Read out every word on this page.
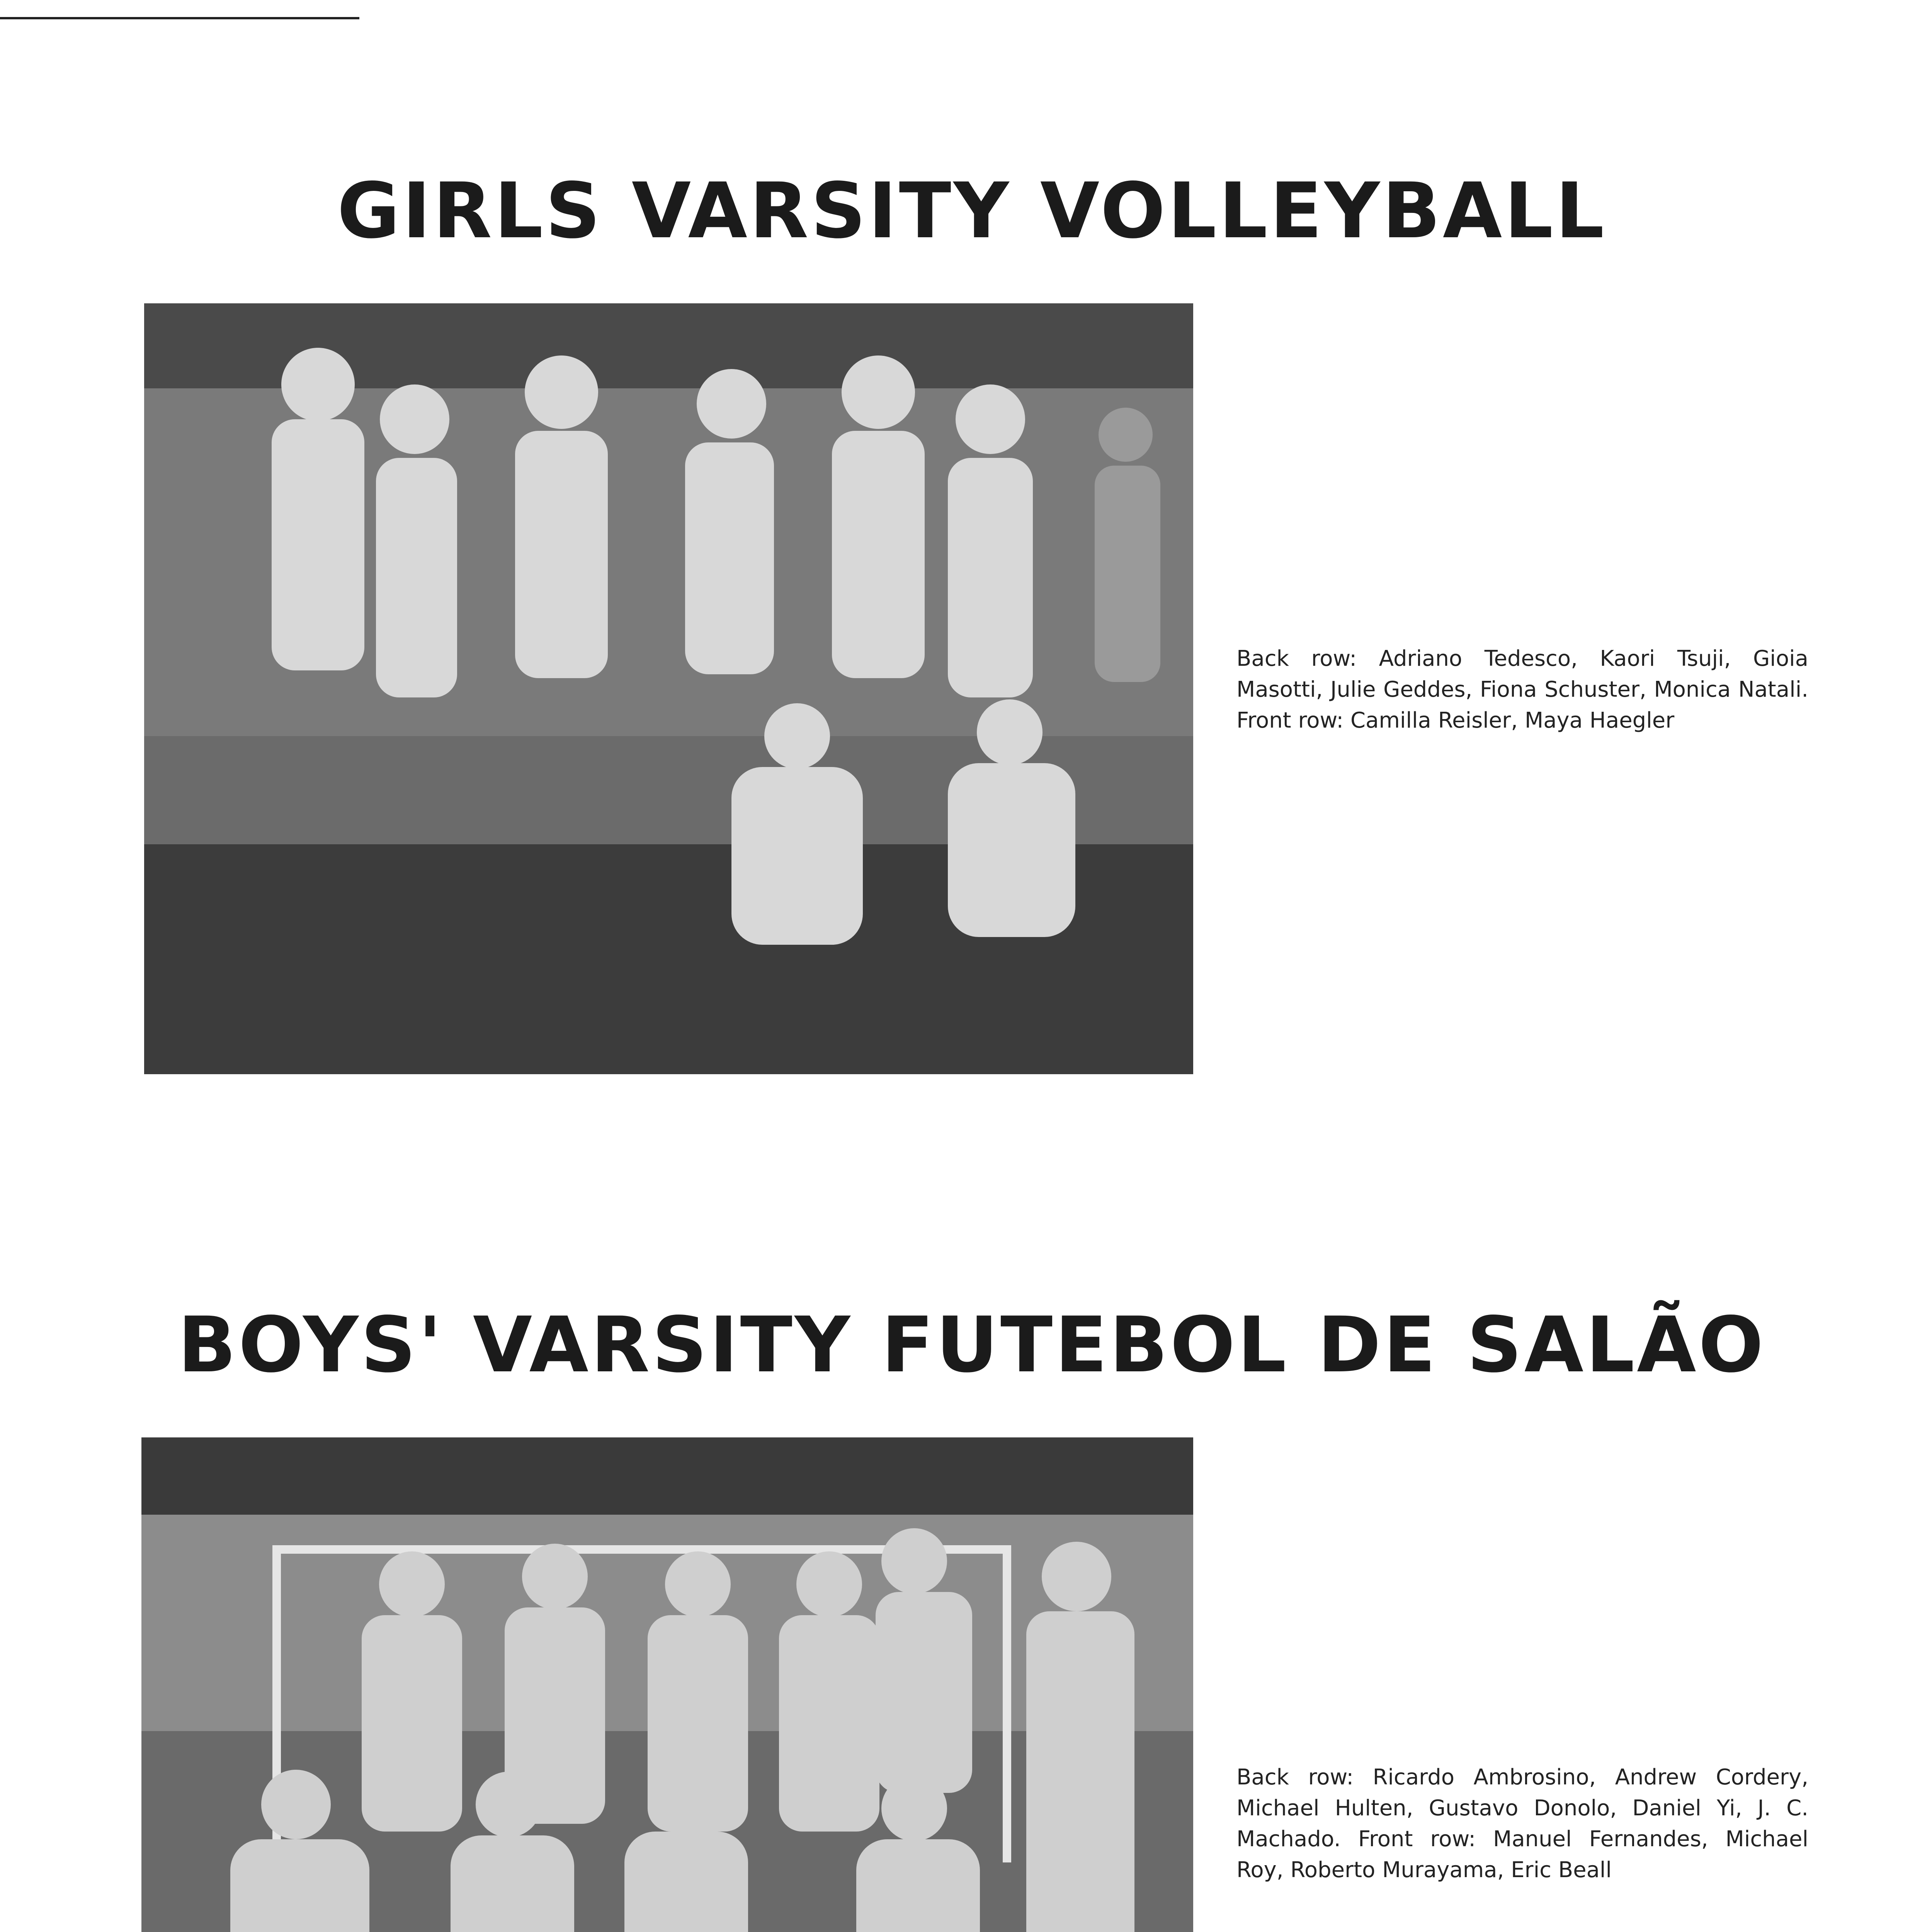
GIRLS VARSITY VOLLEYBALL

Back row: Adriano Tedesco, Kaori Tsuji, Gioia Masotti, Julie Geddes, Fiona Schuster, Monica Natali. Front row: Camilla Reisler, Maya Haegler

BOYS' VARSITY FUTEBOL DE SALÃO

Back row: Ricardo Ambrosino, Andrew Cordery, Michael Hulten, Gustavo Donolo, Daniel Yi, J. C. Machado. Front row: Manuel Fernandes, Michael Roy, Roberto Murayama, Eric Beall
